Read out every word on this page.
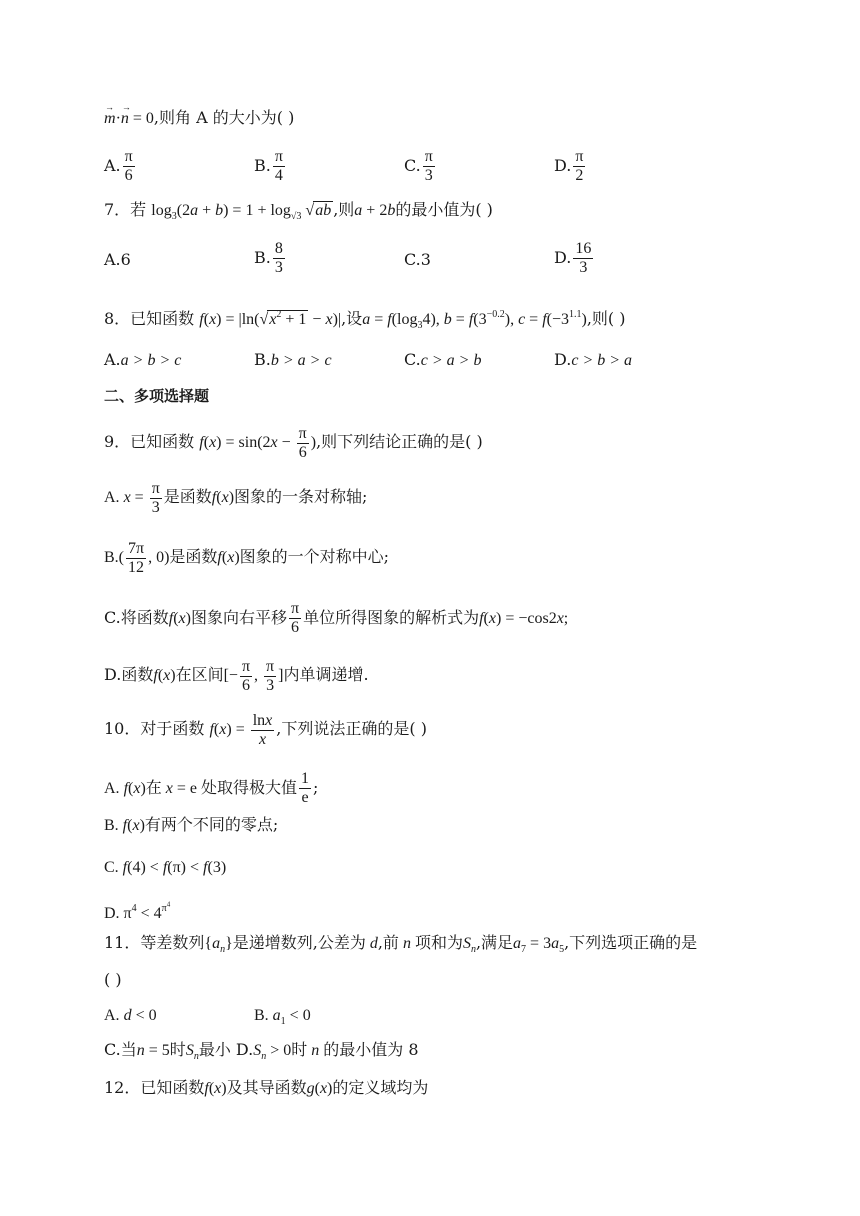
→ m·→ n = 0,则角 A 的大小为( )
A. $\frac{\pi}{6}$	B. $\frac{\pi}{4}$	C. $\frac{\pi}{3}$	D. $\frac{\pi}{2}$
7．若 $\log_3(2a + b) = 1 + \log_{√3} √ab$ ,则a + 2b的最小值为( )
A.6	B. $\frac{8}{3}$	C.3	D. $\frac{16}{3}$
8．已知函数 $f(x) = |\ln(√x^2 + 1 - x)|$,设$a = f(\log_34)$, $b = f(3^{-0.2})$, $c = f(-3^{1.1})$,则( )
A.a > b > c	B.b > a > c	C.c > a > b	D.c > b > a
二、多项选择题
9．已知函数 $f(x) = \sin(2x - \frac{\pi}{6}$ ),则下列结论正确的是( )
A. $x = \frac{\pi}{3}$ 是函数f(x)图象的一条对称轴;
$B.( \frac{7\pi}{12}$ , 0)是函数f(x)图象的一个对称中心;
C.将函数f(x)图象向右平移 $\frac{\pi}{6}$ 单位所得图象的解析式为f(x) = −cos2x;
D.函数f(x)在区间[− $\frac{\pi}{6}$ , $\frac{\pi}{3}$ ]内单调递增.
10．对于函数 $f(x) = \frac{\ln x}{x}$ ,下列说法正确的是( )
A. f(x)在 x = e 处取得极大值 $\frac{1}{e}$ ;
B. f(x)有两个不同的零点;
C. f(4) < f(π) < f(3)
D. $\pi^4 < 4^{\pi^4}$
11．等差数列$\{a_n\}$是递增数列,公差为 d,前 n 项和为$S_n$,满足$a_7 = 3a_5$,下列选项正确的是
( )
A. d < 0	B. $a_1 < 0$
C.当n = 5时$S_n$最小 $D.S_n > 0$时 n 的最小值为 8
12．已知函数f(x)及其导函数g(x)的定义域均为
